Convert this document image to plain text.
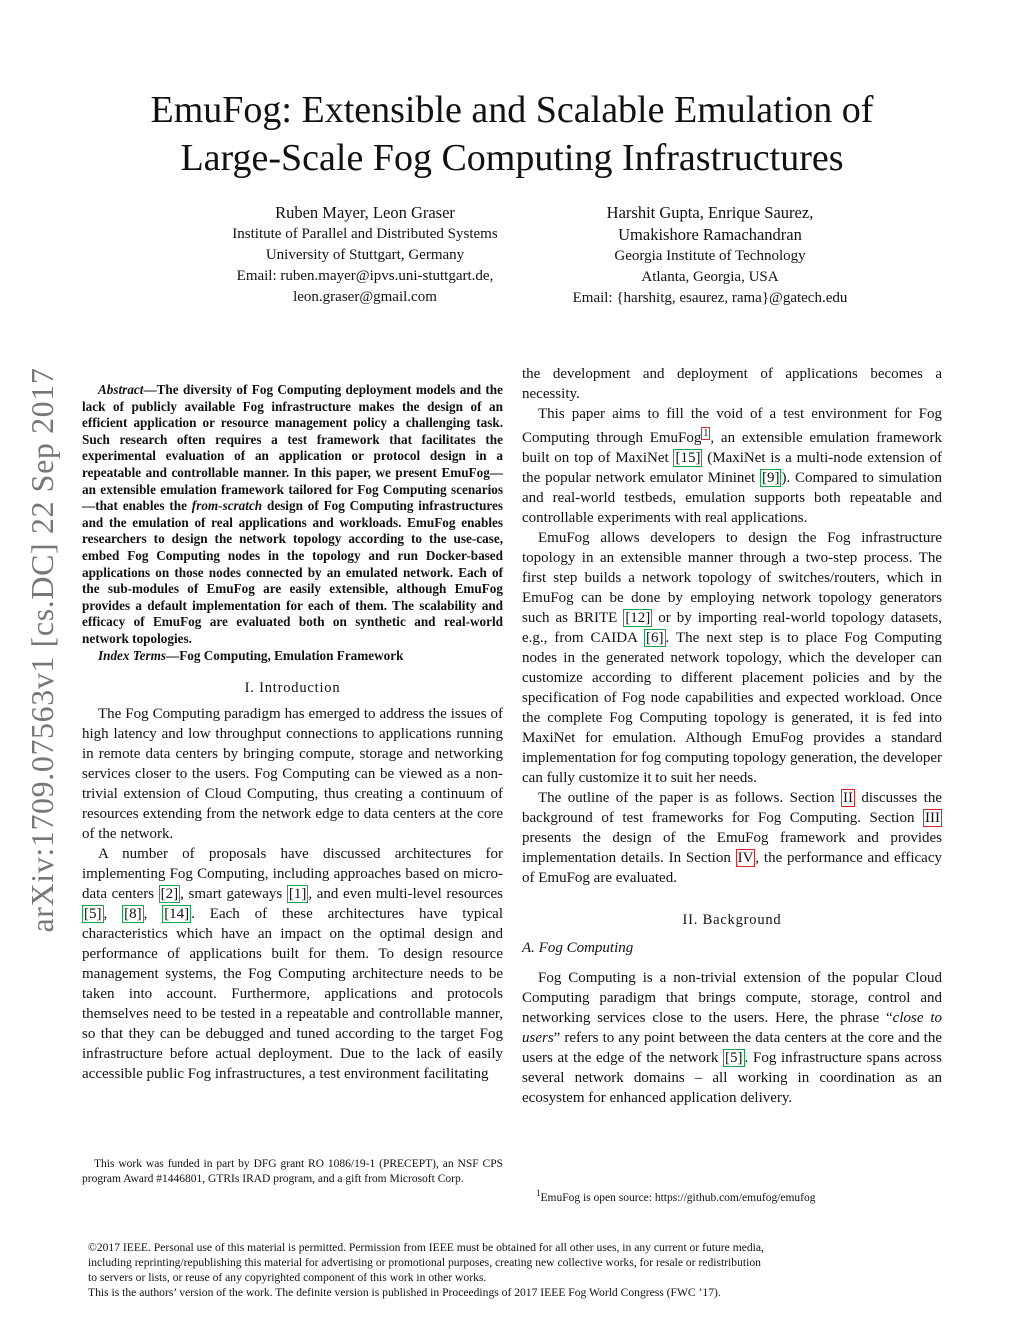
EmuFog: Extensible and Scalable Emulation of
Large-Scale Fog Computing Infrastructures
Ruben Mayer, Leon Graser
Institute of Parallel and Distributed Systems
University of Stuttgart, Germany
Email: ruben.mayer@ipvs.uni-stuttgart.de,
leon.graser@gmail.com
Harshit Gupta, Enrique Saurez,
Umakishore Ramachandran
Georgia Institute of Technology
Atlanta, Georgia, USA
Email: {harshitg, esaurez, rama}@gatech.edu
arXiv:1709.07563v1 [cs.DC] 22 Sep 2017	Abstract—The diversity of Fog Computing deployment models and the lack of publicly available Fog infrastructure makes the design of an efficient application or resource management policy a challenging task. Such research often requires a test framework that facilitates the experimental evaluation of an application or protocol design in a repeatable and controllable manner. In this paper, we present EmuFog—an extensible emulation framework tailored for Fog Computing scenarios—that enables the from-scratch design of Fog Computing infrastructures and the emulation of real applications and workloads. EmuFog enables researchers to design the network topology according to the use-case, embed Fog Computing nodes in the topology and run Docker-based applications on those nodes connected by an emulated network. Each of the sub-modules of EmuFog are easily extensible, although EmuFog provides a default implementation for each of them. The scalability and efficacy of EmuFog are evaluated both on synthetic and real-world network topologies.

Index Terms—Fog Computing, Emulation Framework

I. Introduction

The Fog Computing paradigm has emerged to address the issues of high latency and low throughput connections to applications running in remote data centers by bringing compute, storage and networking services closer to the users. Fog Computing can be viewed as a non-trivial extension of Cloud Computing, thus creating a continuum of resources extending from the network edge to data centers at the core of the network.

A number of proposals have discussed architectures for implementing Fog Computing, including approaches based on micro-data centers [2] , smart gateways [1] , and even multi-level resources [5] , [8] , [14] . Each of these architectures have typical characteristics which have an impact on the optimal design and performance of applications built for them. To design resource management systems, the Fog Computing architecture needs to be taken into account. Furthermore, applications and protocols themselves need to be tested in a repeatable and controllable manner, so that they can be debugged and tuned according to the target Fog infrastructure before actual deployment. Due to the lack of easily accessible public Fog infrastructures, a test environment facilitating

This work was funded in part by DFG grant RO 1086/19-1 (PRECEPT), an NSF CPS program Award #1446801, GTRIs IRAD program, and a gift from Microsoft Corp.

the development and deployment of applications becomes a necessity.

This paper aims to fill the void of a test environment for Fog Computing through EmuFog $^1$ , an extensible emulation framework built on top of MaxiNet [15] (MaxiNet is a multi-node extension of the popular network emulator Mininet [9] ). Compared to simulation and real-world testbeds, emulation supports both repeatable and controllable experiments with real applications.

EmuFog allows developers to design the Fog infrastructure topology in an extensible manner through a two-step process. The first step builds a network topology of switches/routers, which in EmuFog can be done by employing network topology generators such as BRITE [12] or by importing real-world topology datasets, e.g., from CAIDA [6] . The next step is to place Fog Computing nodes in the generated network topology, which the developer can customize according to different placement policies and by the specification of Fog node capabilities and expected workload. Once the complete Fog Computing topology is generated, it is fed into MaxiNet for emulation. Although EmuFog provides a standard implementation for fog computing topology generation, the developer can fully customize it to suit her needs.

The outline of the paper is as follows. Section II discusses the background of test frameworks for Fog Computing. Section III presents the design of the EmuFog framework and provides implementation details. In Section IV , the performance and efficacy of EmuFog are evaluated.

II. Background
A. Fog Computing

Fog Computing is a non-trivial extension of the popular Cloud Computing paradigm that brings compute, storage, control and networking services close to the users. Here, the phrase “close to users” refers to any point between the data centers at the core and the users at the edge of the network [5] . Fog infrastructure spans across several network domains – all working in coordination as an ecosystem for enhanced application delivery.

$^1$EmuFog is open source: https://github.com/emufog/emufog
©2017 IEEE. Personal use of this material is permitted. Permission from IEEE must be obtained for all other uses, in any current or future media,
including reprinting/republishing this material for advertising or promotional purposes, creating new collective works, for resale or redistribution
to servers or lists, or reuse of any copyrighted component of this work in other works.
This is the authors’ version of the work. The definite version is published in Proceedings of 2017 IEEE Fog World Congress (FWC ’17).
